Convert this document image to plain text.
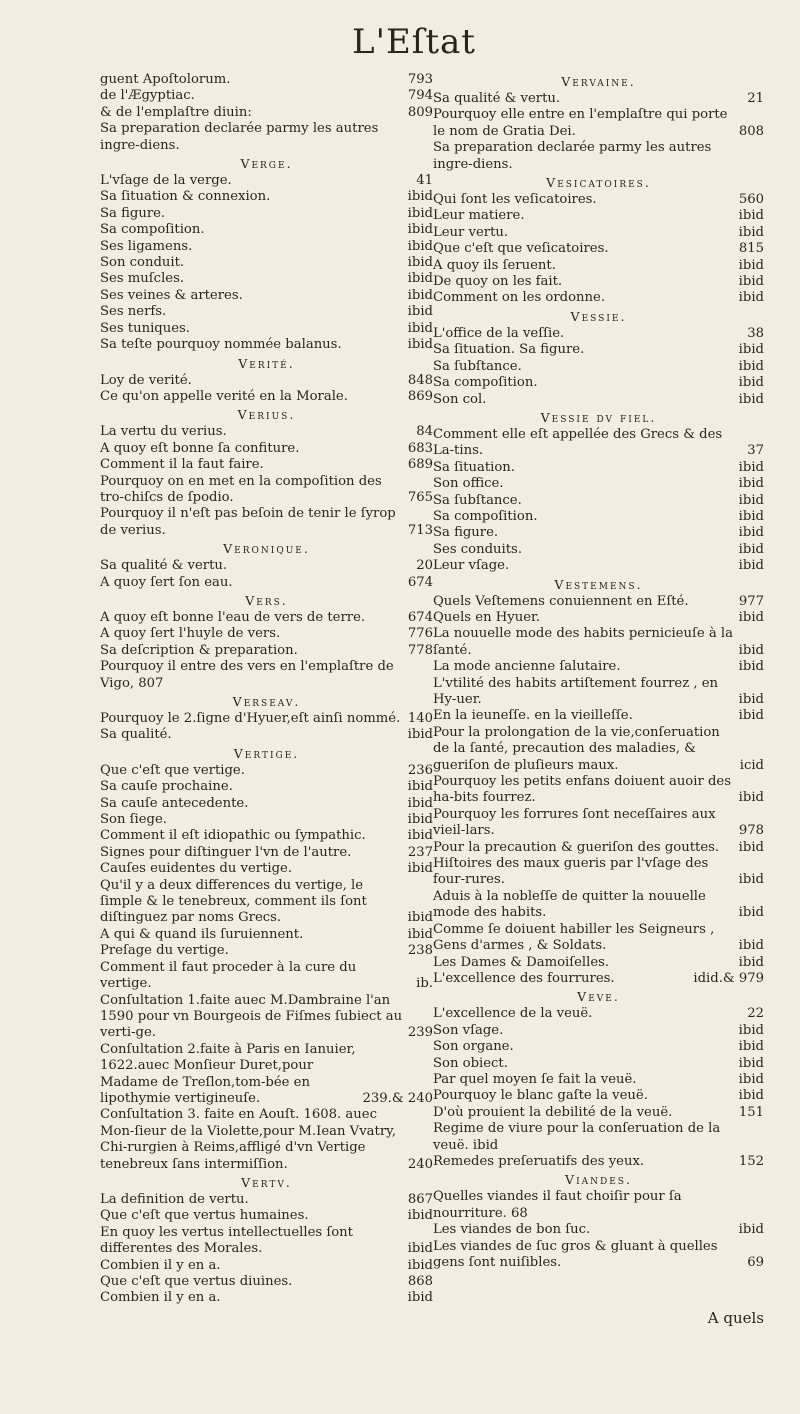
L'Eſtat
guent Apoſtolorum.	793
de l'Ægyptiac.	794
& de l'emplaſtre diuin:	809
Sa preparation declarée parmy les autres ingre-diens.
Verge.
L'vſage de la verge.	41
Sa ſituation & connexion.	ibid
Sa figure.	ibid
Sa compoſition.	ibid
Ses ligamens.	ibid
Son conduit.	ibid
Ses muſcles.	ibid
Ses veines & arteres.	ibid
Ses nerfs.	ibid
Ses tuniques.	ibid
Sa teſte pourquoy nommée balanus.	ibid
Verité.
Loy de verité.	848
Ce qu'on appelle verité en la Morale.	869
Verius.
La vertu du verius.	84
A quoy eſt bonne ſa confiture.	683
Comment il la faut faire.	689
Pourquoy on en met en la compoſition des tro-chiſcs de ſpodio.	765
Pourquoy il n'eſt pas beſoin de tenir le ſyrop de verius.	713
Veronique.
Sa qualité & vertu.	20
A quoy ſert ſon eau.	674
Vers.
A quoy eſt bonne l'eau de vers de terre.	674
A quoy ſert l'huyle de vers.	776
Sa deſcription & preparation.	778
Pourquoy il entre des vers en l'emplaſtre de Vigo, 807
Verseav.
Pourquoy le 2.ſigne d'Hyuer,eſt ainſi nommé. 140
Sa qualité.	ibid
Vertige.
Que c'eſt que vertige.	236
Sa cauſe prochaine.	ibid
Sa cauſe antecedente.	ibid
Son ſiege.	ibid
Comment il eſt idiopathic ou ſympathic.	ibid
Signes pour diſtinguer l'vn de l'autre.	237
Cauſes euidentes du vertige.	ibid
Qu'il y a deux differences du vertige, le ſimple & le tenebreux, comment ils ſont diſtinguez par noms Grecs.	ibid
A qui & quand ils ſuruiennent.	ibid
Preſage du vertige.	238
Comment il faut proceder à la cure du vertige.	ib.
Conſultation 1.faite auec M.Dambraine l'an 1590 pour vn Bourgeois de Fiſmes ſubiect au verti-ge.	239
Conſultation 2.faite à Paris en Ianuier, 1622.auec Monſieur Duret,pour Madame de Treſlon,tom-bée en lipothymie vertigineuſe.	239.& 240
Conſultation 3. faite en Aouſt. 1608. auec Mon-ſieur de la Violette,pour M.Iean Vvatry, Chi-rurgien à Reims,affligé d'vn Vertige tenebreux ſans intermiſſion.	240
Vertv.
La definition de vertu.	867
Que c'eſt que vertus humaines.	ibid
En quoy les vertus intellectuelles ſont differentes des Morales.	ibid
Combien il y en a.	ibid
Que c'eſt que vertus diuines.	868
Combien il y en a.	ibid
Vervaine.
Sa qualité & vertu.	21
Pourquoy elle entre en l'emplaſtre qui porte le nom de Gratia Dei.	808
Sa preparation declarée parmy les autres ingre-diens.
Vesicatoires.
Qui ſont les veſicatoires.	560
Leur matiere.	ibid
Leur vertu.	ibid
Que c'eſt que veſicatoires.	815
A quoy ils ſeruent.	ibid
De quoy on les fait.	ibid
Comment on les ordonne.	ibid
Vessie.
L'office de la veſſie.	38
Sa ſituation. Sa figure.	ibid
Sa ſubſtance.	ibid
Sa compoſition.	ibid
Son col.	ibid
Vessie dv fiel.
Comment elle eſt appellée des Grecs & des La-tins.	37
Sa ſituation.	ibid
Son office.	ibid
Sa ſubſtance.	ibid
Sa compoſition.	ibid
Sa figure.	ibid
Ses conduits.	ibid
Leur vſage.	ibid
Vestemens.
Quels Veſtemens conuiennent en Eſté.	977
Quels en Hyuer.	ibid
La nouuelle mode des habits pernicieuſe à la ſanté.	ibid
La mode ancienne ſalutaire.	ibid
L'vtilité des habits artiſtement fourrez , en Hy-uer.	ibid
En la ieuneſſe. en la vieilleſſe.	ibid
Pour la prolongation de la vie,conſeruation de la ſanté, precaution des maladies, & gueriſon de pluſieurs maux.	icid
Pourquoy les petits enfans doiuent auoir des ha-bits fourrez.	ibid
Pourquoy les forrures ſont neceſſaires aux vieil-lars.	978
Pour la precaution & gueriſon des gouttes.	ibid
Hiſtoires des maux gueris par l'vſage des four-rures.	ibid
Aduis à la nobleſſe de quitter la nouuelle mode des habits.	ibid
Comme ſe doiuent habiller les Seigneurs , Gens d'armes , & Soldats.	ibid
Les Dames & Damoiſelles.	ibid
L'excellence des fourrures.	idid.& 979
Veve.
L'excellence de la veuë.	22
Son vſage.	ibid
Son organe.	ibid
Son obiect.	ibid
Par quel moyen ſe fait la veuë.	ibid
Pourquoy le blanc gaſte la veuë.	ibid
D'où prouient la debilité de la veuë.	151
Regime de viure pour la conſeruation de la veuë. ibid
Remedes preſeruatifs des yeux.	152
Viandes.
Quelles viandes il faut choiſir pour ſa nourriture. 68
Les viandes de bon ſuc.	ibid
Les viandes de ſuc gros & gluant à quelles gens ſont nuiſibles.	69
A quels
